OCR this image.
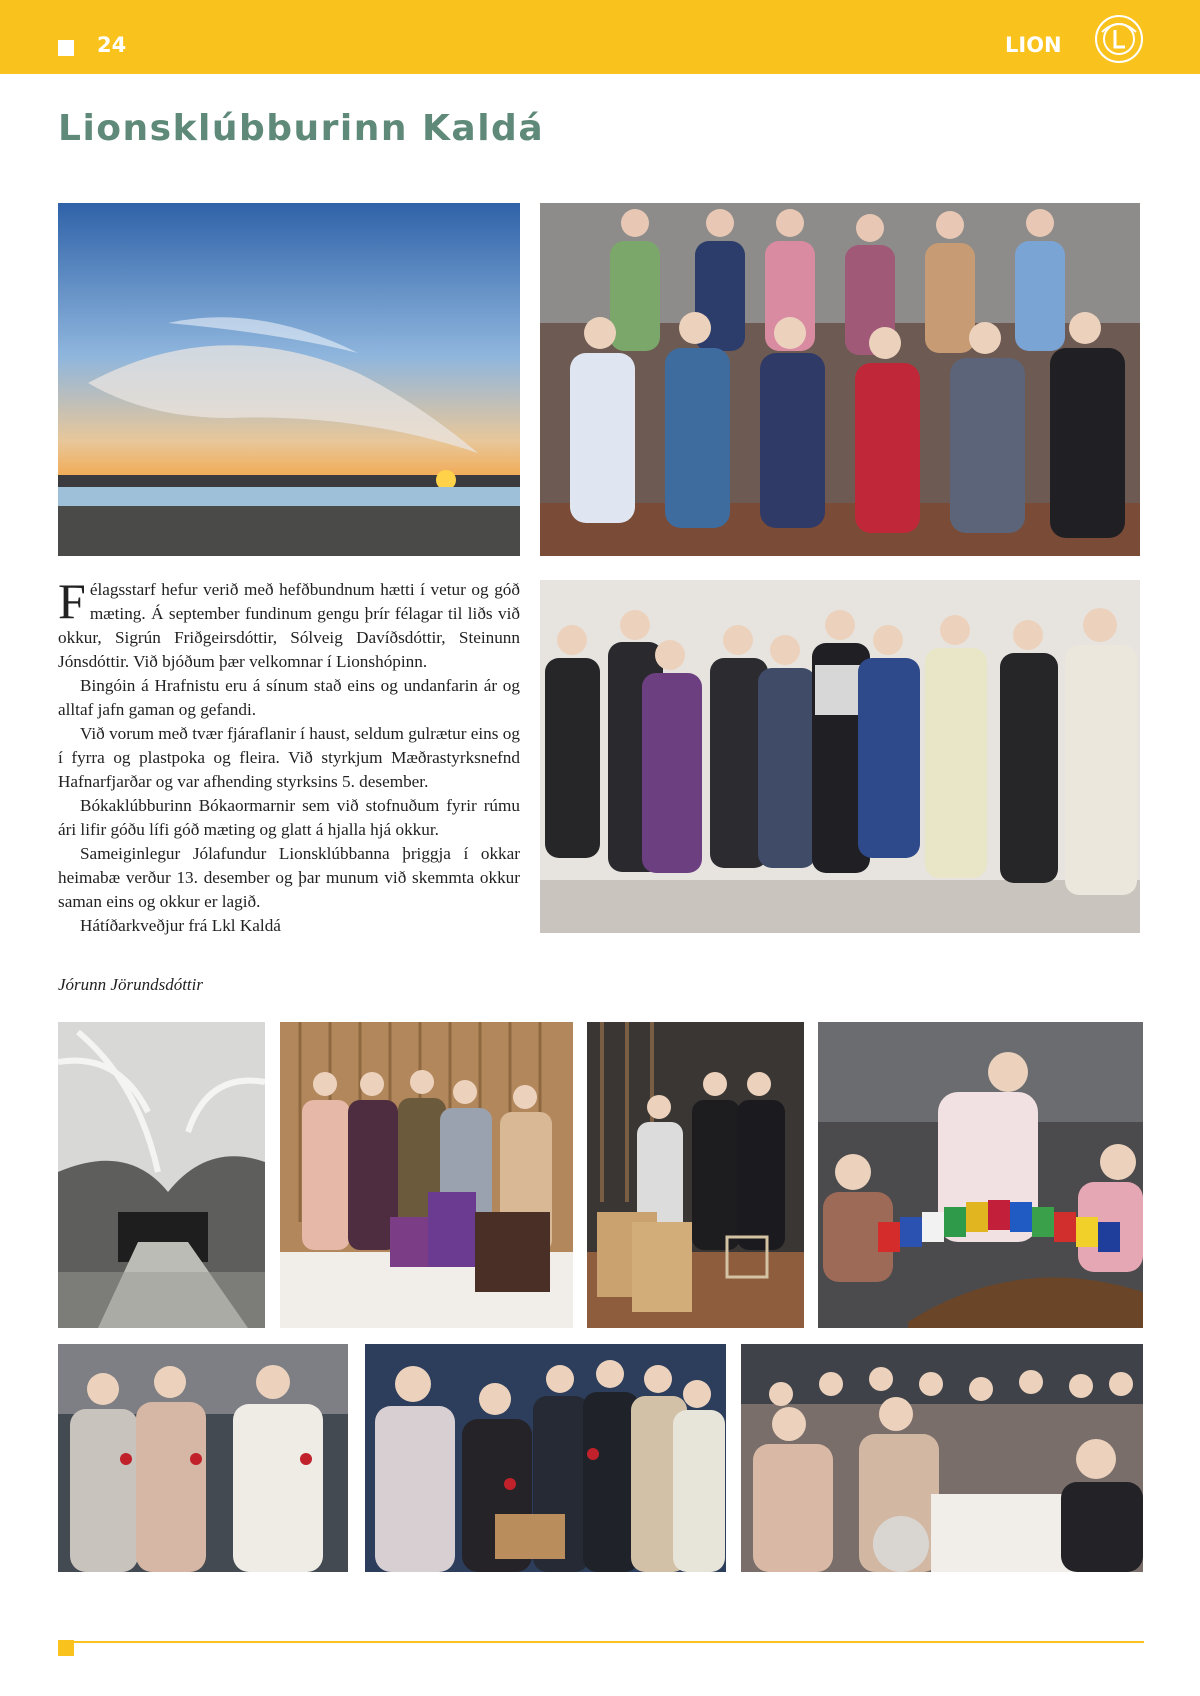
24	LION
Lionsklúbburinn Kaldá

Félagsstarf hefur verið með hefðbundnum hætti í vetur og góð mæting. Á september fundinum gengu þrír félagar til liðs við okkur, Sigrún Friðgeirsdóttir, Sólveig Davíðsdóttir, Steinunn Jónsdóttir. Við bjóðum þær velkomnar í Lionshópinn.

Bingóin á Hrafnistu eru á sínum stað eins og undanfarin ár og alltaf jafn gaman og gefandi.

Við vorum með tvær fjáraflanir í haust, seldum gulrætur eins og í fyrra og plastpoka og fleira. Við styrkjum Mæðrastyrksnefnd Hafnarfjarðar og var afhending styrksins 5. desember.

Bókaklúbburinn Bókaormarnir sem við stofnuðum fyrir rúmu ári lifir góðu lífi góð mæting og glatt á hjalla hjá okkur.

Sameiginlegur Jólafundur Lionsklúbbanna þriggja í okkar heimabæ verður 13. desember og þar munum við skemmta okkur saman eins og okkur er lagið.

Hátíðarkveðjur frá Lkl Kaldá

Jórunn Jörundsdóttir
